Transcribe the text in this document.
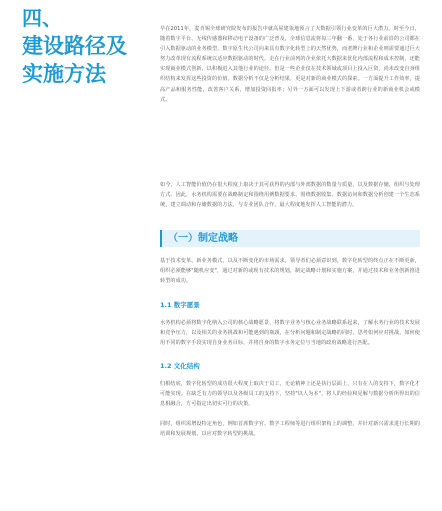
四、
建设路径及
实施方法

早在2011年，麦肯锡全球研究院发布的报告中就高屋建瓴地预言了大数据引领行业变革的巨大潜力。时至今日，随着数字平台、无线传感器和移动电子设备的广泛普及，全球信息流将每三年翻一番，处于各行业前沿的公司都在引入数据驱动的业务模型。数字原生代公司向来具有数字化转型上的天然优势，而老牌行业和企业则需要通过巨大努力改革现有流程系统以适应数据驱动的时代。走在行业前列的企业依托大数据来优化内部流程和成本控制，还能实现商业模式创新，以积极进入其他行业的途径。但是一些企业仅在技术领域或项目上投入巨资，尚未改变自身组织结构来发挥这些投资的价值。数据分析不仅是分析结果，更是对新的商业模式的探索。一方面提升工作效率，提高产品和服务性能，改善客户关系，增加投资回报率；另外一方面可以发现上下游或者跨行业的新商业机会或模式。

如今，人工智能价值仍在很大程度上取决于其可获得的内部与外部数据的数量与质量，以及数据存储、组织与处理方式。因此，水务机构需要在战略制定和围绕用例数据要求、围绕数据收集、数据访问和数据分析创建一个生态系统，建立调动和存储数据的方法，与专业团队合作，最大程度地发挥人工智能的潜力。

（一）制定战略

基于技术变革、新业务模式，以及不断变化的市场需求，领导者们必须意识到，数字化转型的终点正在不断更新，组织必须能够"随机应变"，通过对新的或现有技术的规划，制定战略计划和实施方案，并通过技术和业务创新推进转型的成功。

1.1 数字愿景

水务机构必须将数字化纳入公司的核心战略愿景，将数字业务与核心业务战略联系起来，了解水务行业的技术发展和竞争压力，以及相关的业务挑战和可能遇到的瓶颈，在分析问题和制定战略的同时，思考如何应对挑战，如何使用不同的数字手段实现自身业务目标，并将自身的数字水务定位与当地的政府战略进行匹配。

1.2 文化结构

归根结底，数字化转型的成功很大程度上取决于员工，无论精神上还是执行层面上，只有在人的支持下，数字化才可能实现。在缺乏有力的领导以及各级员工的支持下，坚持"以人为本"，将人的经验和见解与数据分析所得出的信息相融合，方可指定出切实可行的决策。

同时，组织需增设特定角色，例如首席数字官、数字工程师等进行组织架构上的调整，并针对新兴需求进行长期的培训和发展规划，以应对数字转型的挑战。
